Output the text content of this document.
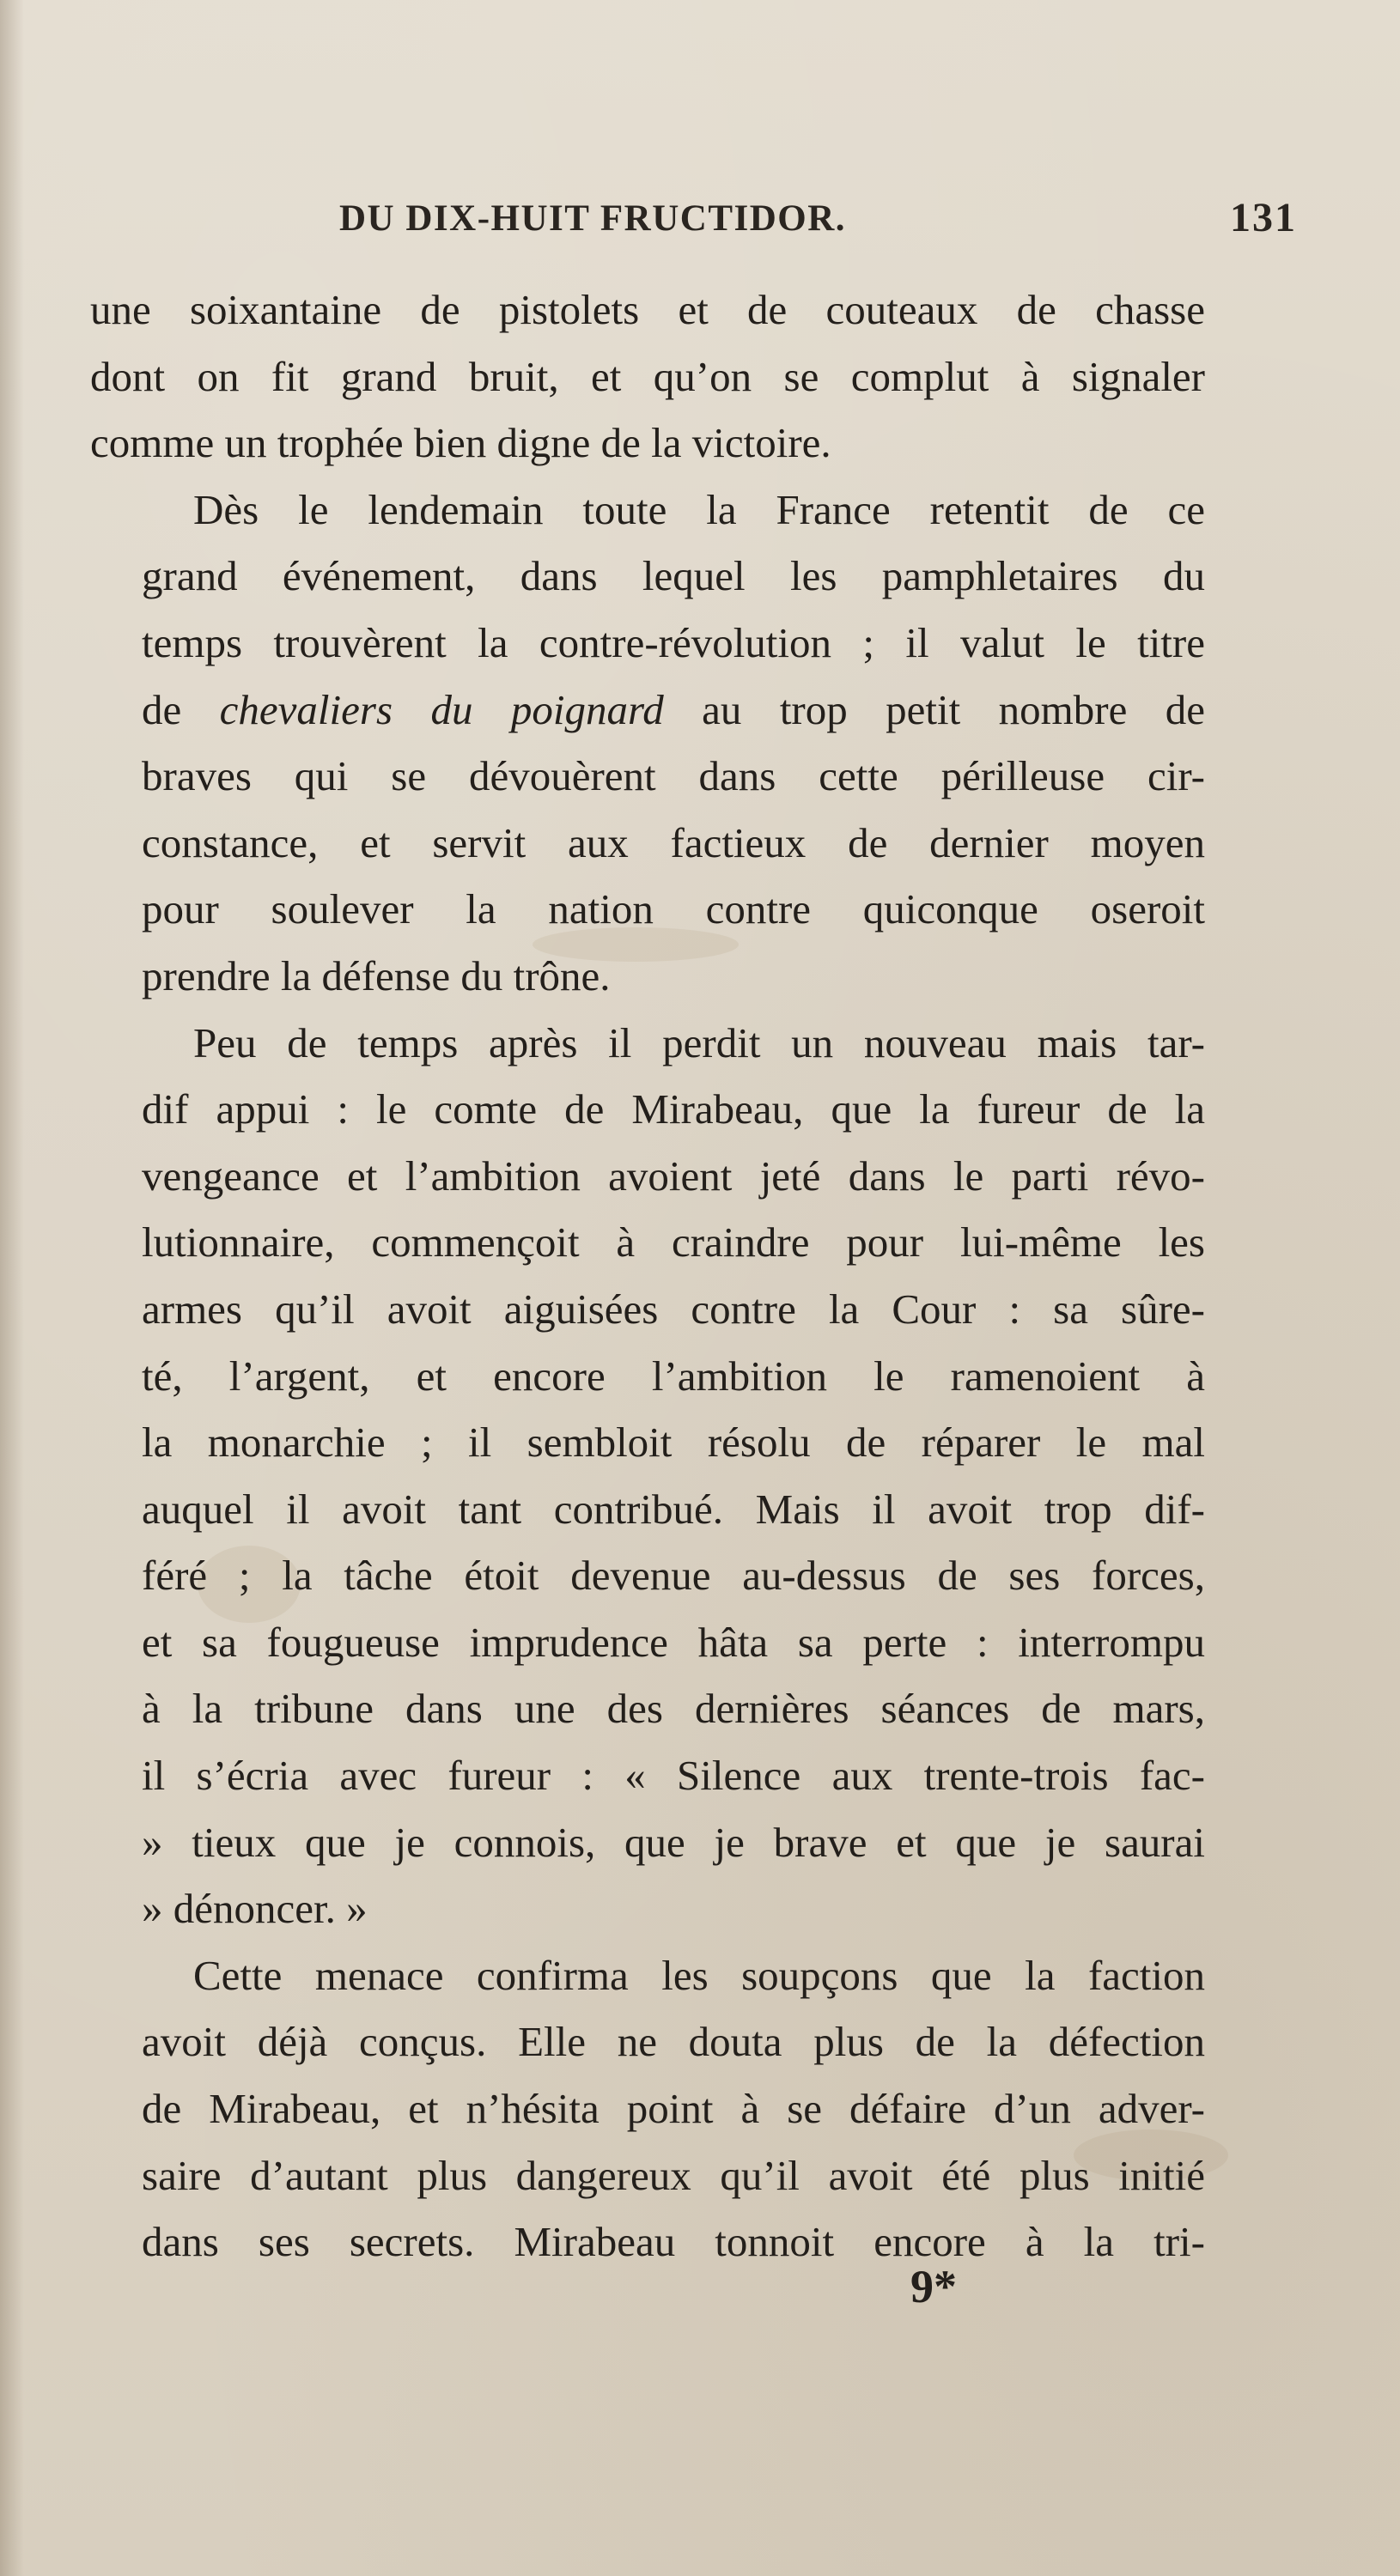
DU DIX-HUIT FRUCTIDOR.	131
une soixantaine de pistolets et de couteaux de chasse
dont on fit grand bruit, et qu’on se complut à signaler
comme un trophée bien digne de la victoire.
Dès le lendemain toute la France retentit de ce
grand événement, dans lequel les pamphletaires du
temps trouvèrent la contre-révolution ; il valut le titre
de chevaliers du poignard au trop petit nombre de
braves qui se dévouèrent dans cette périlleuse cir-
constance, et servit aux factieux de dernier moyen
pour soulever la nation contre quiconque oseroit
prendre la défense du trône.
Peu de temps après il perdit un nouveau mais tar-
dif appui : le comte de Mirabeau, que la fureur de la
vengeance et l’ambition avoient jeté dans le parti révo-
lutionnaire, commençoit à craindre pour lui-même les
armes qu’il avoit aiguisées contre la Cour : sa sûre-
té, l’argent, et encore l’ambition le ramenoient à
la monarchie ; il sembloit résolu de réparer le mal
auquel il avoit tant contribué. Mais il avoit trop dif-
féré ; la tâche étoit devenue au-dessus de ses forces,
et sa fougueuse imprudence hâta sa perte : interrompu
à la tribune dans une des dernières séances de mars,
il s’écria avec fureur : « Silence aux trente-trois fac-
» tieux que je connois, que je brave et que je saurai
» dénoncer. »
Cette menace confirma les soupçons que la faction
avoit déjà conçus. Elle ne douta plus de la défection
de Mirabeau, et n’hésita point à se défaire d’un adver-
saire d’autant plus dangereux qu’il avoit été plus initié
dans ses secrets. Mirabeau tonnoit encore à la tri-
9*
